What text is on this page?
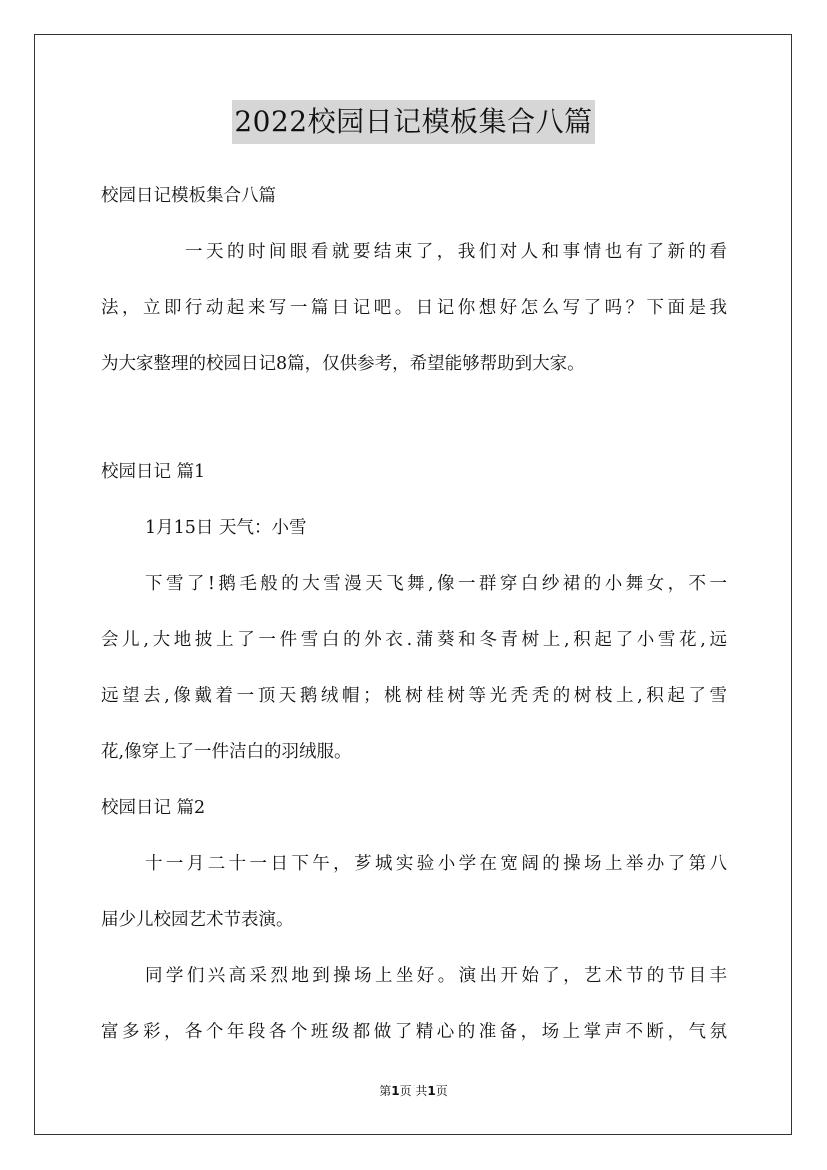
2022校园日记模板集合八篇
校园日记模板集合八篇
一天的时间眼看就要结束了，我们对人和事情也有了新的看
法，立即行动起来写一篇日记吧。日记你想好怎么写了吗？下面是我
为大家整理的校园日记8篇，仅供参考，希望能够帮助到大家。
校园日记 篇1
1月15日 天气：小雪
下雪了!鹅毛般的大雪漫天飞舞,像一群穿白纱裙的小舞女，不一
会儿,大地披上了一件雪白的外衣.蒲葵和冬青树上,积起了小雪花,远
远望去,像戴着一顶天鹅绒帽；桃树桂树等光秃秃的树枝上,积起了雪
花,像穿上了一件洁白的羽绒服。
校园日记 篇2
十一月二十一日下午，芗城实验小学在宽阔的操场上举办了第八
届少儿校园艺术节表演。
同学们兴高采烈地到操场上坐好。演出开始了，艺术节的节目丰
富多彩，各个年段各个班级都做了精心的准备，场上掌声不断，气氛
第1页 共1页
